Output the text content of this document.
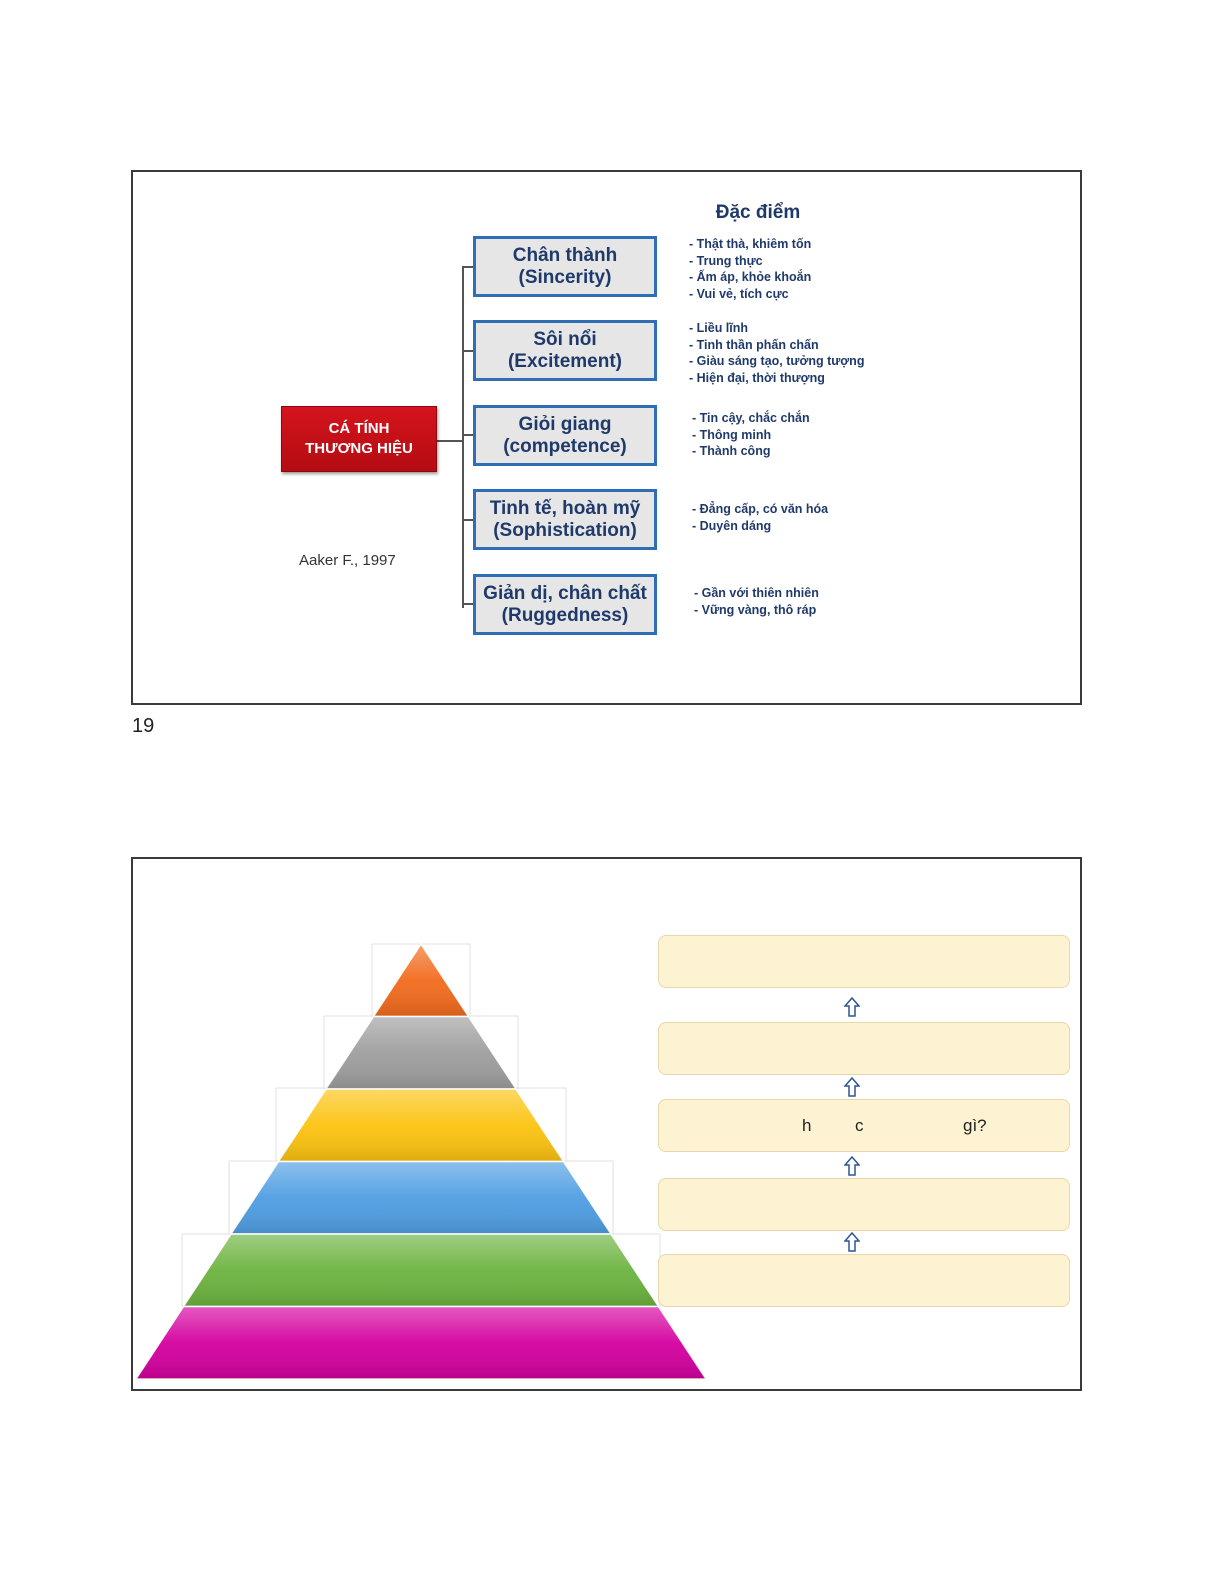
Đặc điểm
CÁ TÍNH
THƯƠNG HIỆU
Aaker F., 1997
Chân thành
(Sincerity)
Sôi nổi
(Excitement)
Giỏi giang
(competence)
Tinh tế, hoàn mỹ
(Sophistication)
Giản dị, chân chất
(Ruggedness)
- Thật thà, khiêm tốn
- Trung thực
- Ấm áp, khỏe khoắn
- Vui vẻ, tích cực
- Liều lĩnh
- Tinh thần phấn chấn
- Giàu sáng tạo, tưởng tượng
- Hiện đại, thời thượng
- Tin cậy, chắc chắn
- Thông minh
- Thành công
- Đẳng cấp, có văn hóa
- Duyên dáng
- Gần với thiên nhiên
- Vững vàng, thô ráp
19
h	c	gì?
